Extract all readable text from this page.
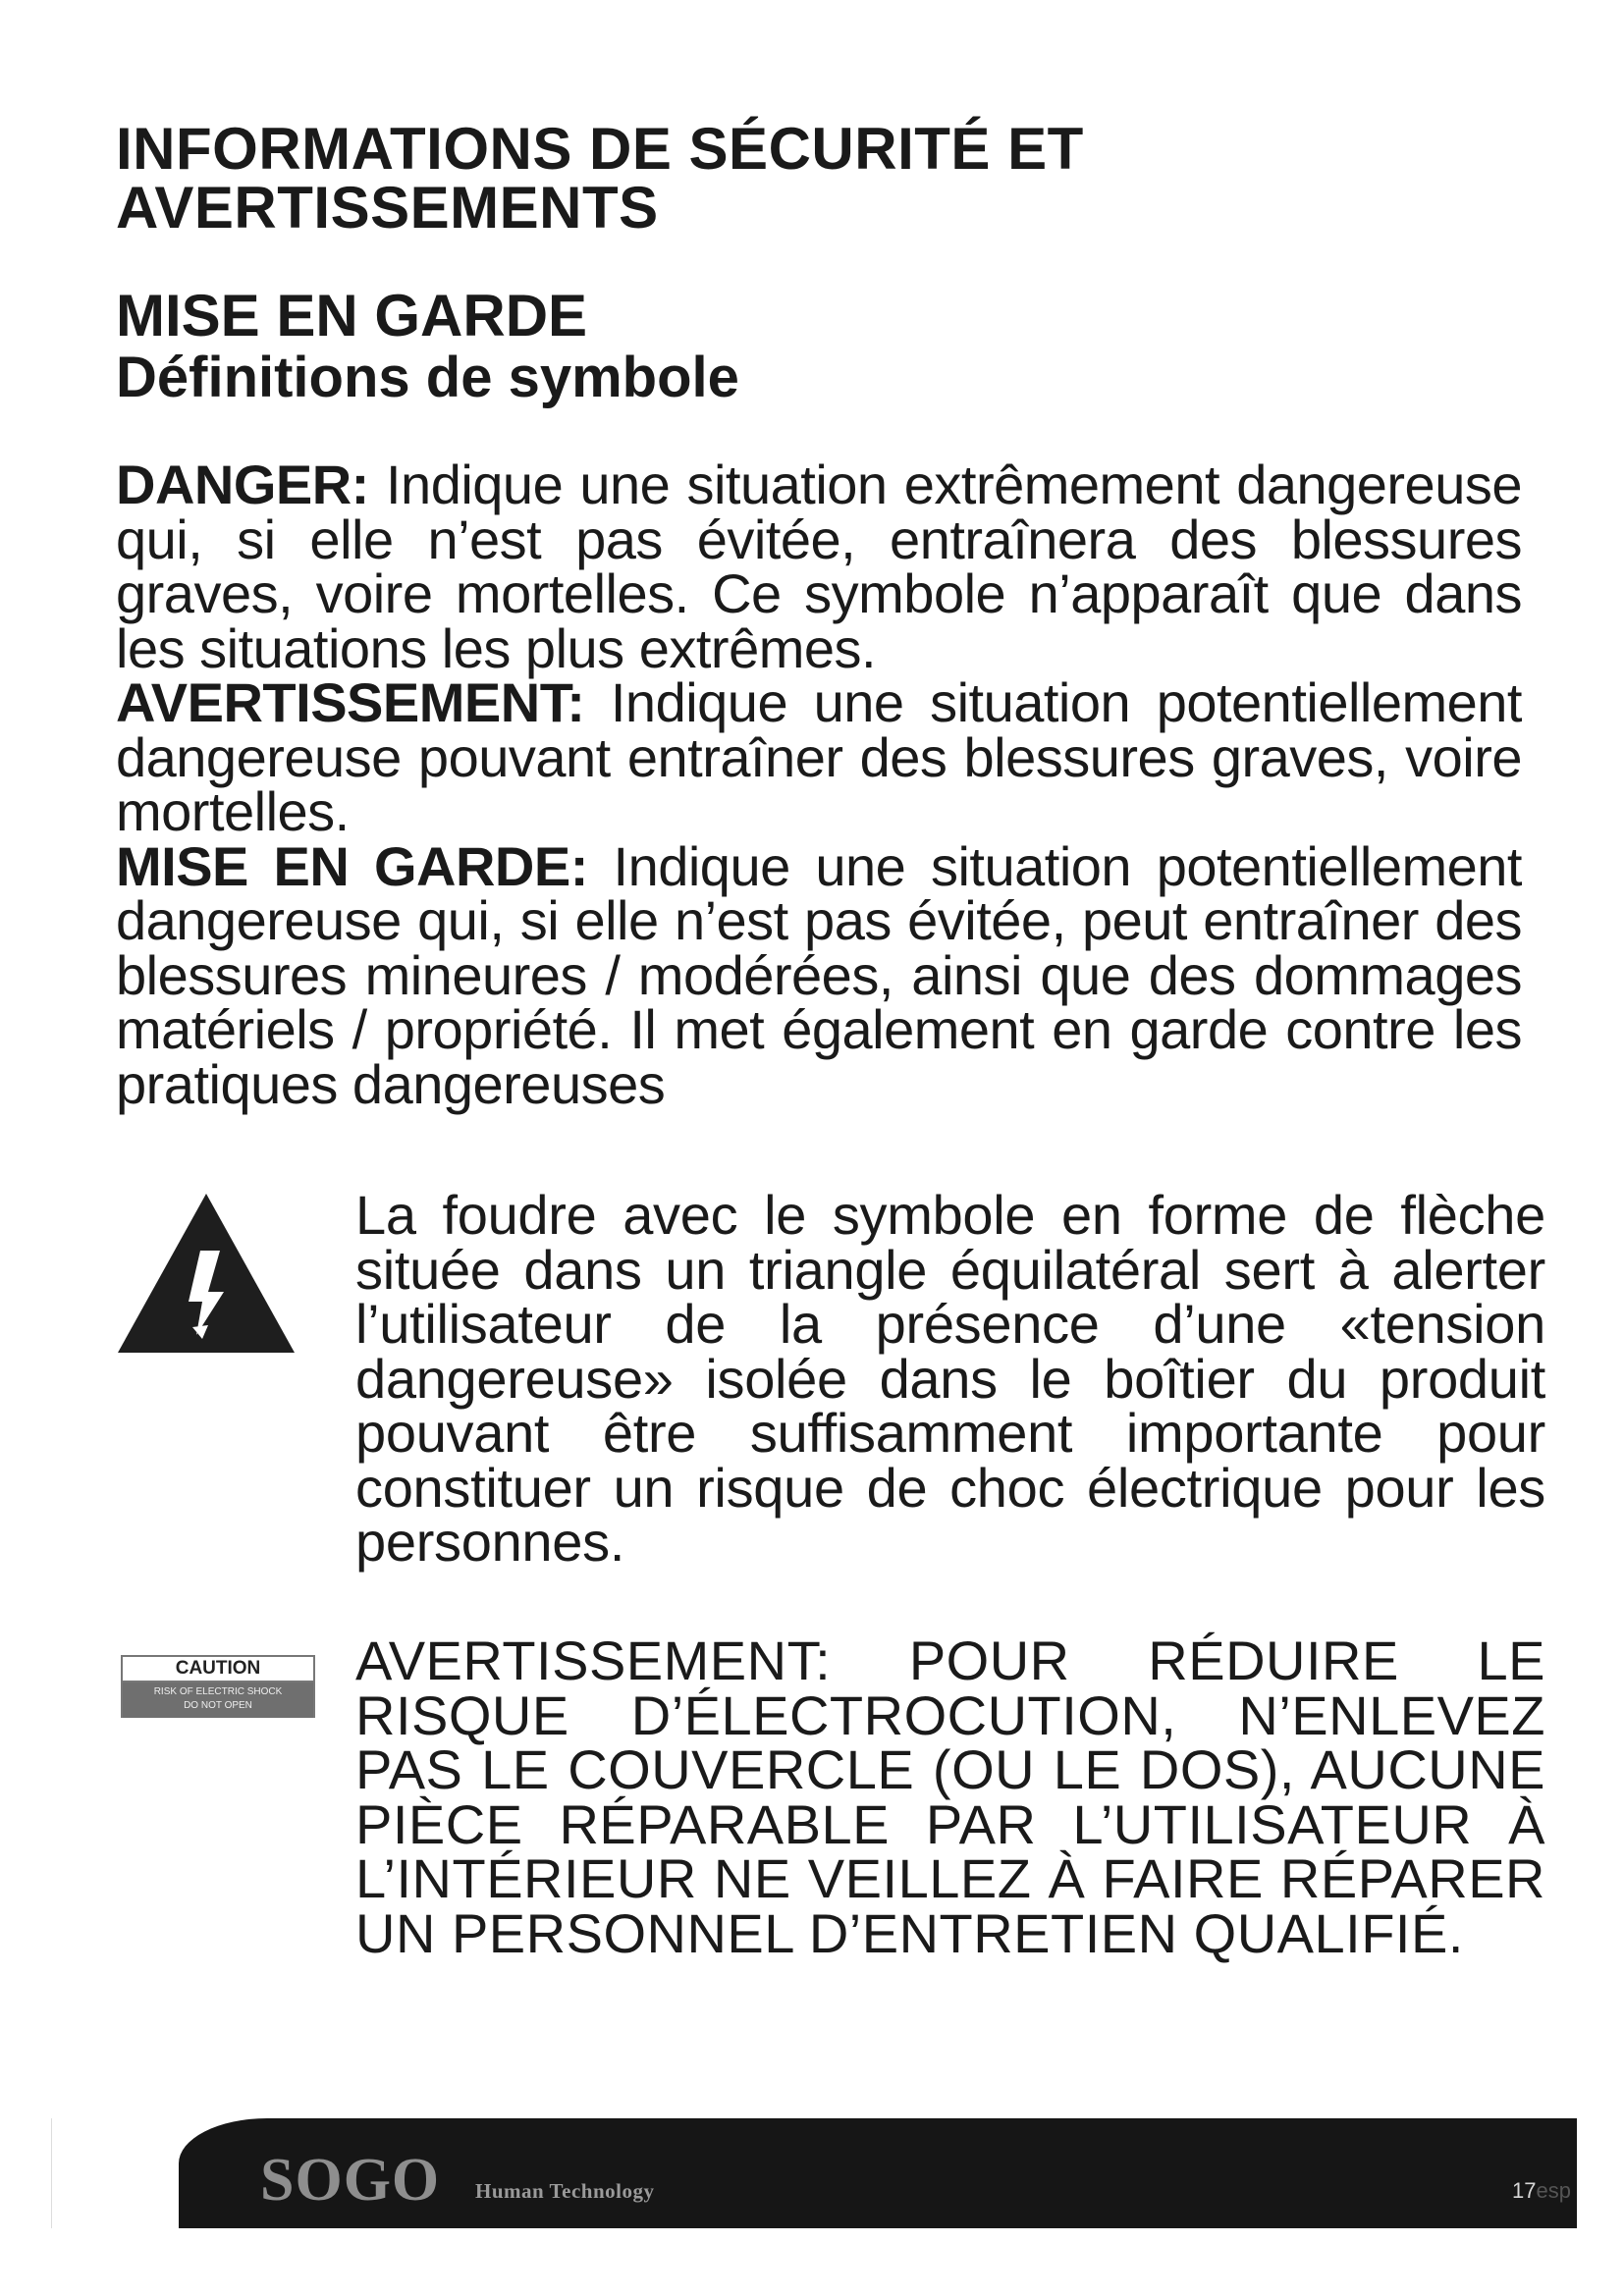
INFORMATIONS DE SÉCURITÉ ET AVERTISSEMENTS
MISE EN GARDE
Définitions de symbole

DANGER: Indique une situation extrêmement dangereuse qui, si elle n’est pas évitée, entraînera des blessures graves, voire mortelles. Ce symbole n’apparaît que dans les situations les plus extrêmes.

AVERTISSEMENT: Indique une situation potentiellement dangereuse pouvant entraîner des blessures graves, voire mortelles.

MISE EN GARDE: Indique une situation potentiellement dangereuse qui, si elle n’est pas évitée, peut entraîner des blessures mineures / modérées, ainsi que des dommages matériels / propriété. Il met également en garde contre les pratiques dangereuses

La foudre avec le symbole en forme de flèche située dans un triangle équilatéral sert à alerter l’utilisateur de la présence d’une «tension dangereuse» isolée dans le boîtier du produit pouvant être suffisamment importante pour constituer un risque de choc électrique pour les personnes.

CAUTION
RISK OF ELECTRIC SHOCK
DO NOT OPEN

AVERTISSEMENT: POUR RÉDUIRE LE RISQUE D’ÉLECTROCUTION, N’ENLEVEZ PAS LE COUVERCLE (OU LE DOS), AUCUNE PIÈCE RÉPARABLE PAR L’UTILISATEUR À L’INTÉRIEUR NE VEILLEZ À FAIRE RÉPARER UN PERSONNEL D’ENTRETIEN QUALIFIÉ.

SOGO Human Technology	17esp
